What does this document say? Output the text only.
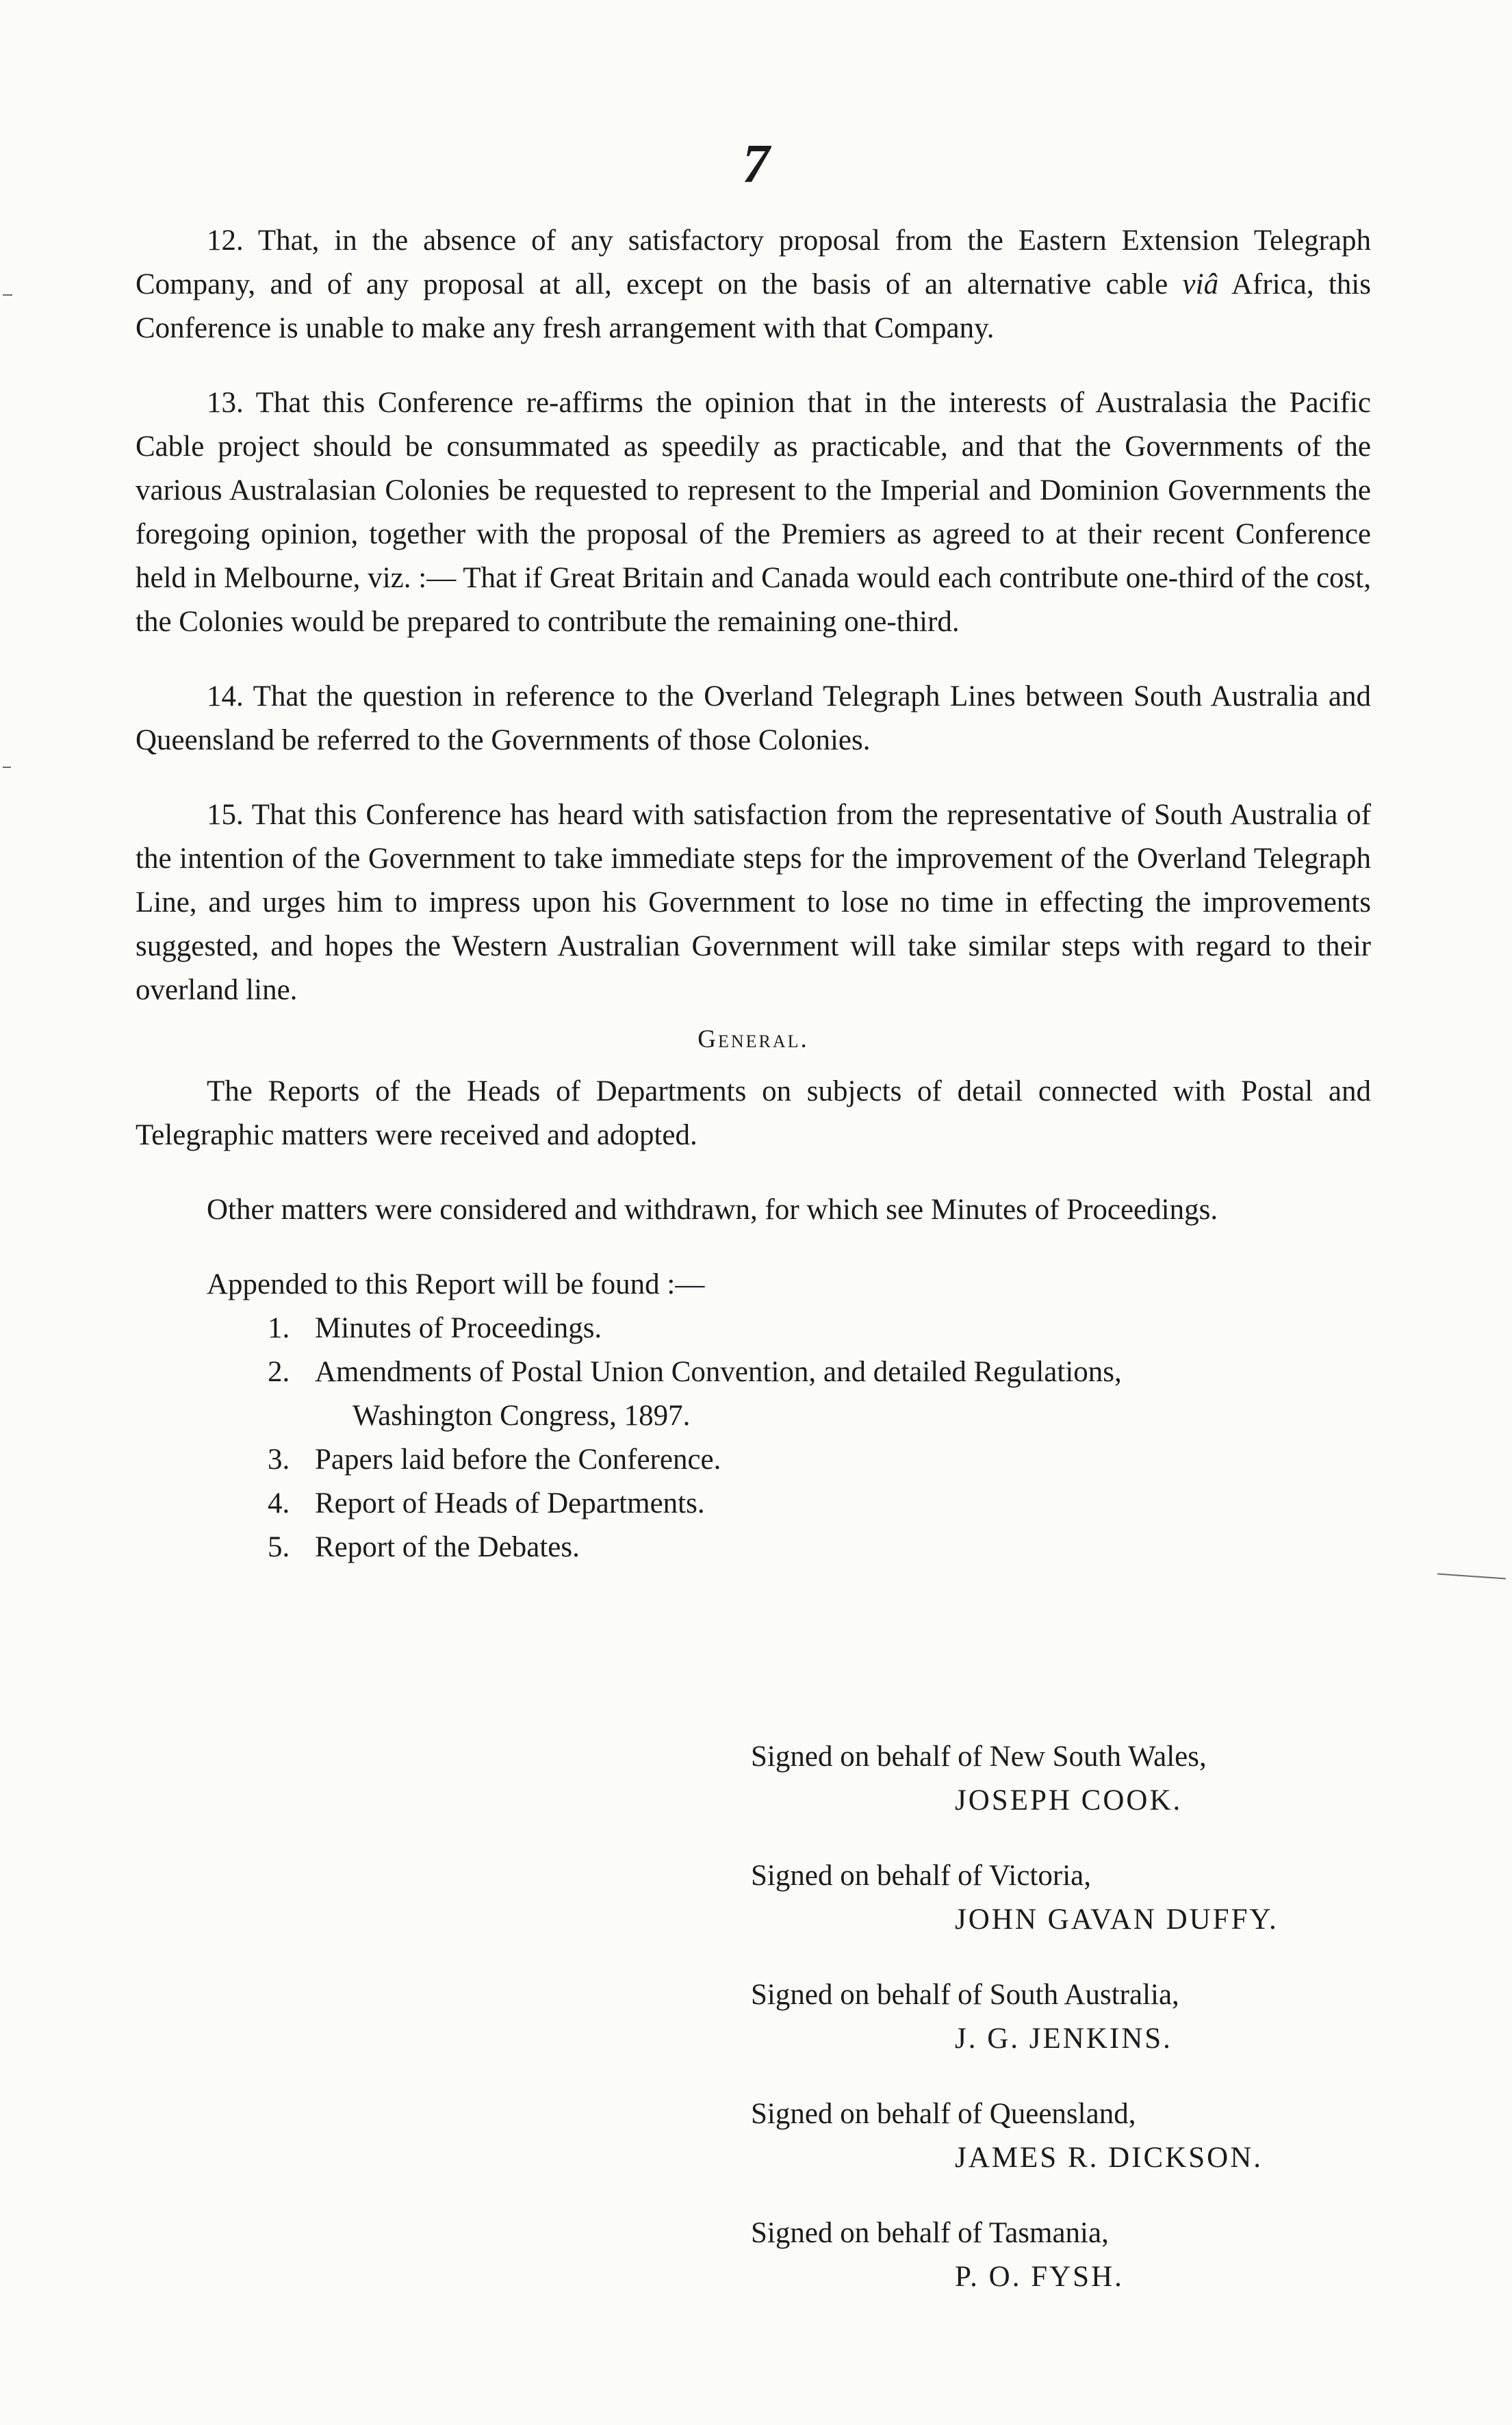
7

12. That, in the absence of any satisfactory proposal from the Eastern Extension Telegraph Company, and of any proposal at all, except on the basis of an alternative cable viâ Africa, this Conference is unable to make any fresh arrangement with that Company.

13. That this Conference re-affirms the opinion that in the interests of Australasia the Pacific Cable project should be consummated as speedily as practicable, and that the Governments of the various Australasian Colonies be requested to represent to the Imperial and Dominion Governments the foregoing opinion, together with the proposal of the Premiers as agreed to at their recent Conference held in Melbourne, viz. :— That if Great Britain and Canada would each contribute one-third of the cost, the Colonies would be prepared to contribute the remaining one-third.

14. That the question in reference to the Overland Telegraph Lines between South Australia and Queensland be referred to the Governments of those Colonies.

15. That this Conference has heard with satisfaction from the representative of South Australia of the intention of the Government to take immediate steps for the improvement of the Overland Telegraph Line, and urges him to impress upon his Government to lose no time in effecting the improvements suggested, and hopes the Western Australian Government will take similar steps with regard to their overland line.

General.

The Reports of the Heads of Departments on subjects of detail connected with Postal and Telegraphic matters were received and adopted.

Other matters were considered and withdrawn, for which see Minutes of Proceedings.

Appended to this Report will be found :—

1. Minutes of Proceedings.
2. Amendments of Postal Union Convention, and detailed Regulations,
Washington Congress, 1897.
3. Papers laid before the Conference.
4. Report of Heads of Departments.
5. Report of the Debates.
Signed on behalf of New South Wales,
JOSEPH COOK.
Signed on behalf of Victoria,
JOHN GAVAN DUFFY.
Signed on behalf of South Australia,
J. G. JENKINS.
Signed on behalf of Queensland,
JAMES R. DICKSON.
Signed on behalf of Tasmania,
P. O. FYSH.
